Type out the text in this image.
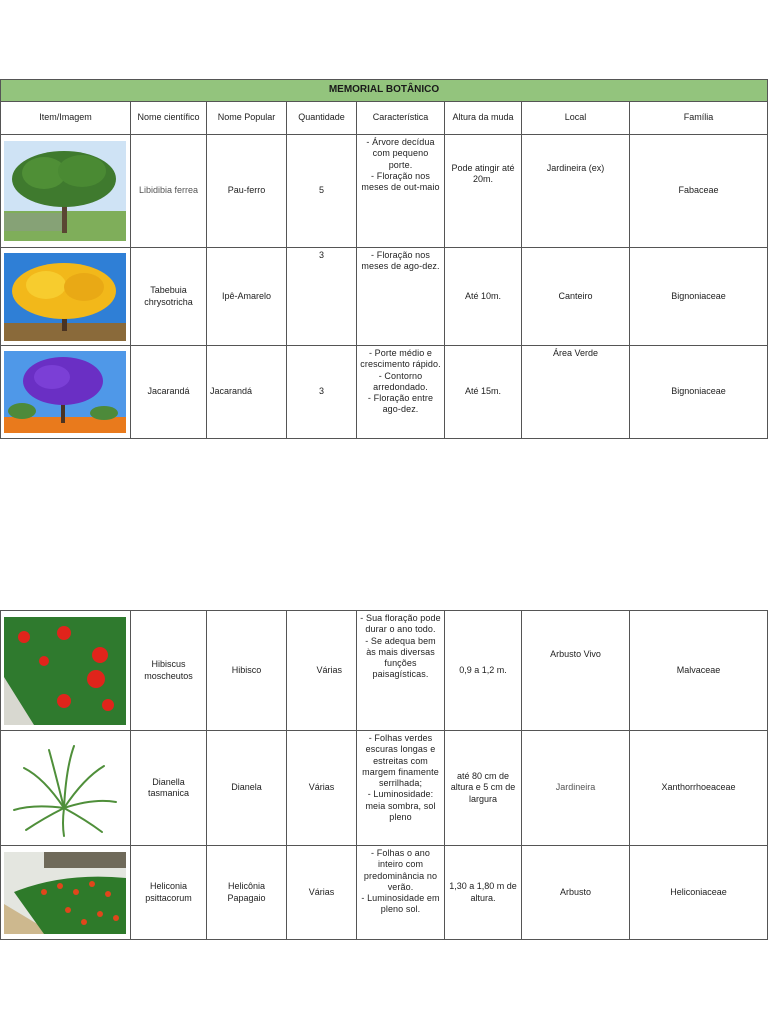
MEMORIAL BOTÂNICO							
Item/Imagem	Nome científico	Nome Popular	Quantidade	Característica	Altura da muda	Local	Família

	Libidibia ferrea	Pau-ferro	5	- Árvore decídua com pequeno porte.
- Floração nos meses de out-maio	Pode atingir até 20m.	Jardineira (ex)	Fabaceae

	Tabebuia chrysotricha	Ipê-Amarelo	3	- Floração nos meses de ago-dez.	Até 10m.	Canteiro	Bignoniaceae

	Jacarandá	Jacarandá	3	- Porte médio e crescimento rápido.
- Contorno arredondado.
- Floração entre ago-dez.	Até 15m.	Área Verde	Bignoniaceae
	Hibiscus moscheutos	Hibisco	Várias	- Sua floração pode durar o ano todo.
- Se adequa bem às mais diversas funções paisagísticas.	0,9 a 1,2 m.	Arbusto Vivo	Malvaceae

	Dianella tasmanica	Dianela	Várias	- Folhas verdes escuras longas e estreitas com margem finamente serrilhada;
- Luminosidade: meia sombra, sol pleno	até 80 cm de altura e 5 cm de largura	Jardineira	Xanthorrhoeaceae

	Heliconia psittacorum	Helicônia Papagaio	Várias	- Folhas o ano inteiro com predominância no verão.
- Luminosidade em pleno sol.	1,30 a 1,80 m de altura.	Arbusto	Heliconiaceae
